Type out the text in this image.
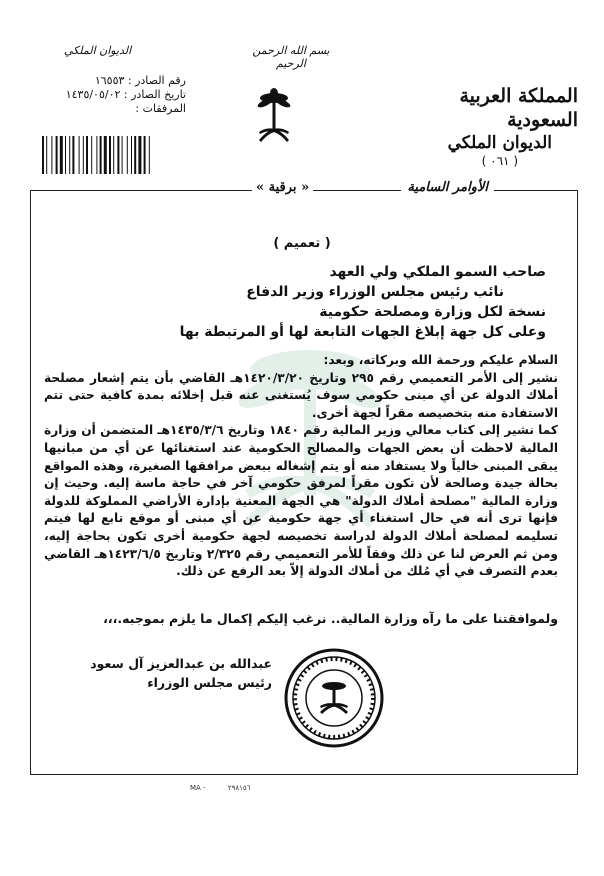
الديوان الملكي	بسم الله الرحمن الرحيم
رقم الصادر : ١٦٥٥٣
تاريخ الصادر : ١٤٣٥/٠٥/٠٢
المرفقات :
المملكة العربية السعودية
الديوان الملكي
( ٠٦١ )
الأوامر السامية
« برقية »
( تعميم )
صاحب السمو الملكي ولي العهد
نائب رئيس مجلس الوزراء وزير الدفاع
نسخة لكل وزارة ومصلحة حكومية
وعلى كل جهة إبلاغ الجهات التابعة لها أو المرتبطة بها

السلام عليكم ورحمة الله وبركاته، وبعد:

نشير إلى الأمر التعميمي رقم ٢٩٥ وتاريخ ١٤٢٠/٣/٢٠هـ القاضي بأن يتم إشعار مصلحة أملاك الدولة عن أي مبنى حكومي سوف يُستغنى عنه قبل إخلائه بمدة كافية حتى تتم الاستفادة منه بتخصيصه مقراً لجهة أخرى.

كما نشير إلى كتاب معالي وزير المالية رقم ١٨٤٠ وتاريخ ١٤٣٥/٣/٦هـ المتضمن أن وزارة المالية لاحظت أن بعض الجهات والمصالح الحكومية عند استغنائها عن أي من مبانيها يبقى المبنى خالياً ولا يستفاد منه أو يتم إشغاله ببعض مرافقها الصغيرة، وهذه المواقع بحالة جيدة وصالحة لأن تكون مقراً لمرفق حكومي آخر في حاجة ماسة إليه. وحيث إن وزارة المالية "مصلحة أملاك الدولة" هي الجهة المعنية بإدارة الأراضي المملوكة للدولة فإنها ترى أنه في حال استغناء أي جهة حكومية عن أي مبنى أو موقع تابع لها فيتم تسليمه لمصلحة أملاك الدولة لدراسة تخصيصه لجهة حكومية أخرى تكون بحاجة إليه، ومن ثم العرض لنا عن ذلك وفقاً للأمر التعميمي رقم ٢/٣٢٥ وتاريخ ١٤٢٣/٦/٥هـ القاضي بعدم التصرف في أي مُلك من أملاك الدولة إلاّ بعد الرفع عن ذلك.

ولموافقتنا على ما رآه وزارة المالية.. نرغب إليكم إكمال ما يلزم بموجبه.،،،
عبدالله بن عبدالعزيز آل سعود
رئيس مجلس الوزراء
MA -	٢٩٨١٥٦
